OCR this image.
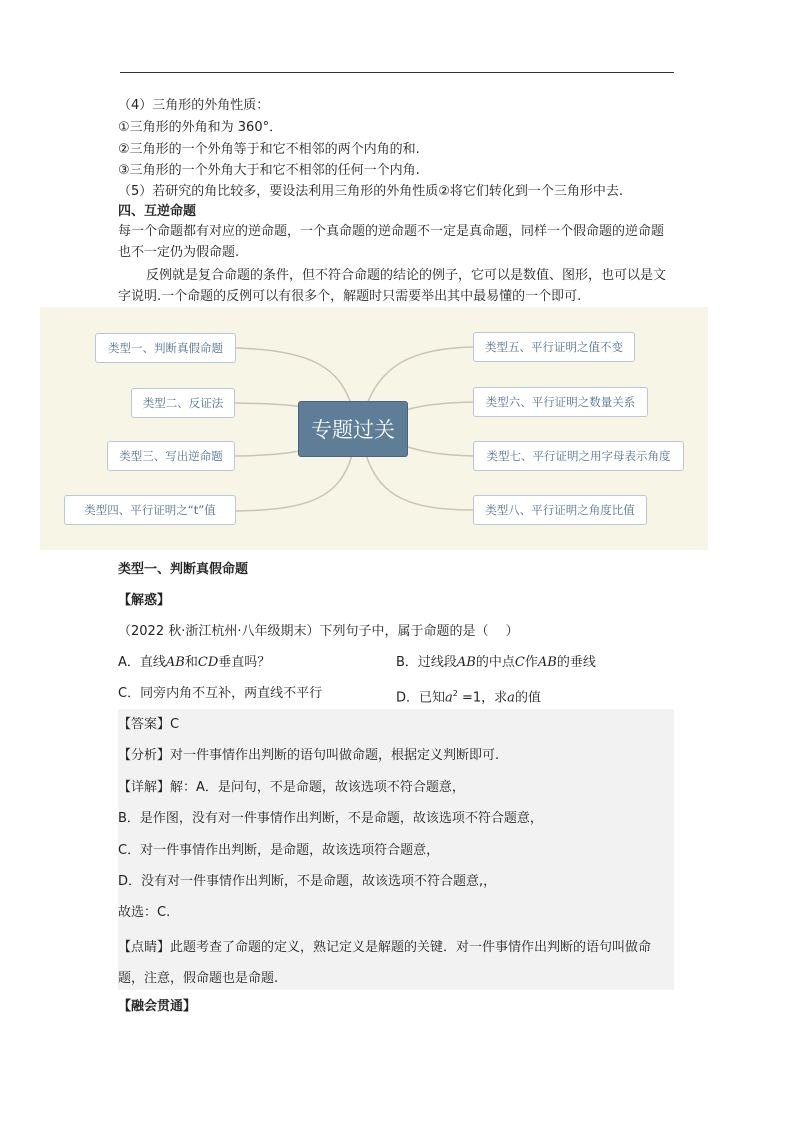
（4）三角形的外角性质：
①三角形的外角和为 360°．
②三角形的一个外角等于和它不相邻的两个内角的和.
③三角形的一个外角大于和它不相邻的任何一个内角.
（5）若研究的角比较多，要设法利用三角形的外角性质②将它们转化到一个三角形中去.
四、互逆命题
每一个命题都有对应的逆命题，一个真命题的逆命题不一定是真命题，同样一个假命题的逆命题也不一定仍为假命题.
反例就是复合命题的条件，但不符合命题的结论的例子，它可以是数值、图形，也可以是文字说明.一个命题的反例可以有很多个，解题时只需要举出其中最易懂的一个即可.
类型一、判断真假命题
类型二、反证法
类型三、写出逆命题
类型四、平行证明之“t”值
专题过关
类型五、平行证明之值不变
类型六、平行证明之数量关系
类型七、平行证明之用字母表示角度
类型八、平行证明之角度比值
类型一、判断真假命题
【解惑】
（2022 秋·浙江杭州·八年级期末）下列句子中，属于命题的是（　 ）
A．直线AB和CD垂直吗？	B．过线段AB的中点C作AB的垂线
C．同旁内角不互补，两直线不平行	D．已知$a^2 =1$，求a的值
【答案】C
【分析】对一件事情作出判断的语句叫做命题，根据定义判断即可.
【详解】解：A．是问句，不是命题，故该选项不符合题意，
B．是作图，没有对一件事情作出判断，不是命题，故该选项不符合题意，
C．对一件事情作出判断，是命题，故该选项符合题意，
D．没有对一件事情作出判断，不是命题，故该选项不符合题意,，
故选：C.
【点睛】此题考查了命题的定义，熟记定义是解题的关键．对一件事情作出判断的语句叫做命题，注意，假命题也是命题.
【融会贯通】
